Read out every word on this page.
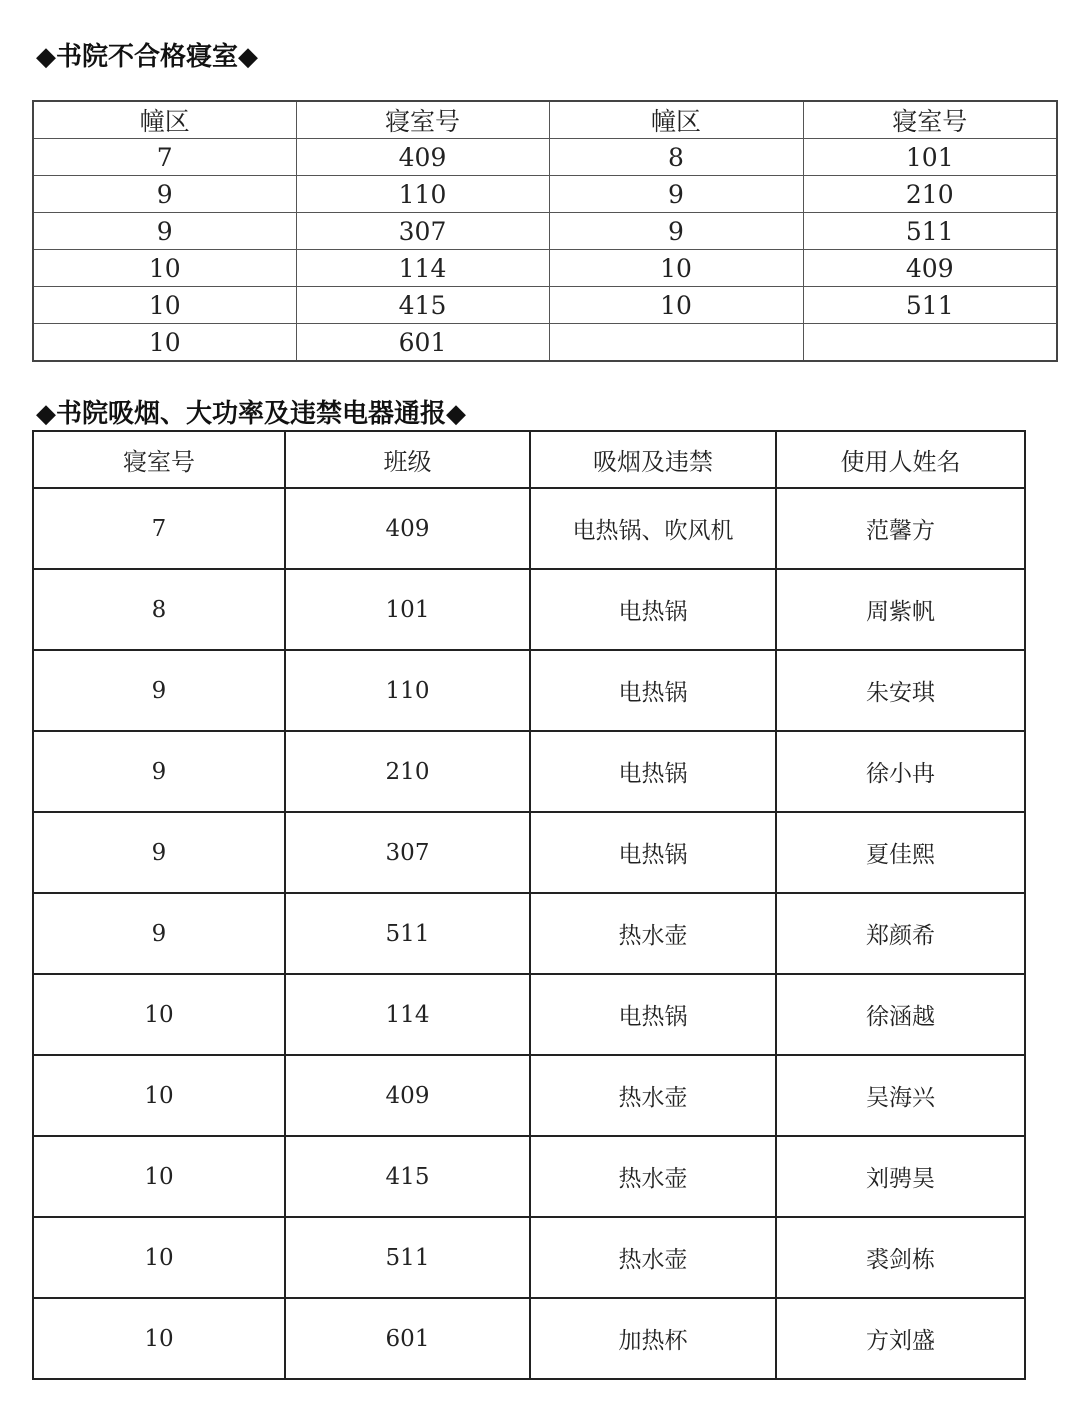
◆书院不合格寝室◆
幢区	寝室号	幢区	寝室号
7	409	8	101
9	110	9	210
9	307	9	511
10	114	10	409
10	415	10	511
10	601		
◆书院吸烟、大功率及违禁电器通报◆
寝室号	班级	吸烟及违禁	使用人姓名
7	409	电热锅、吹风机	范馨方
8	101	电热锅	周紫帆
9	110	电热锅	朱安琪
9	210	电热锅	徐小冉
9	307	电热锅	夏佳熙
9	511	热水壶	郑颜希
10	114	电热锅	徐涵越
10	409	热水壶	吴海兴
10	415	热水壶	刘骋昊
10	511	热水壶	裘剑栋
10	601	加热杯	方刘盛
